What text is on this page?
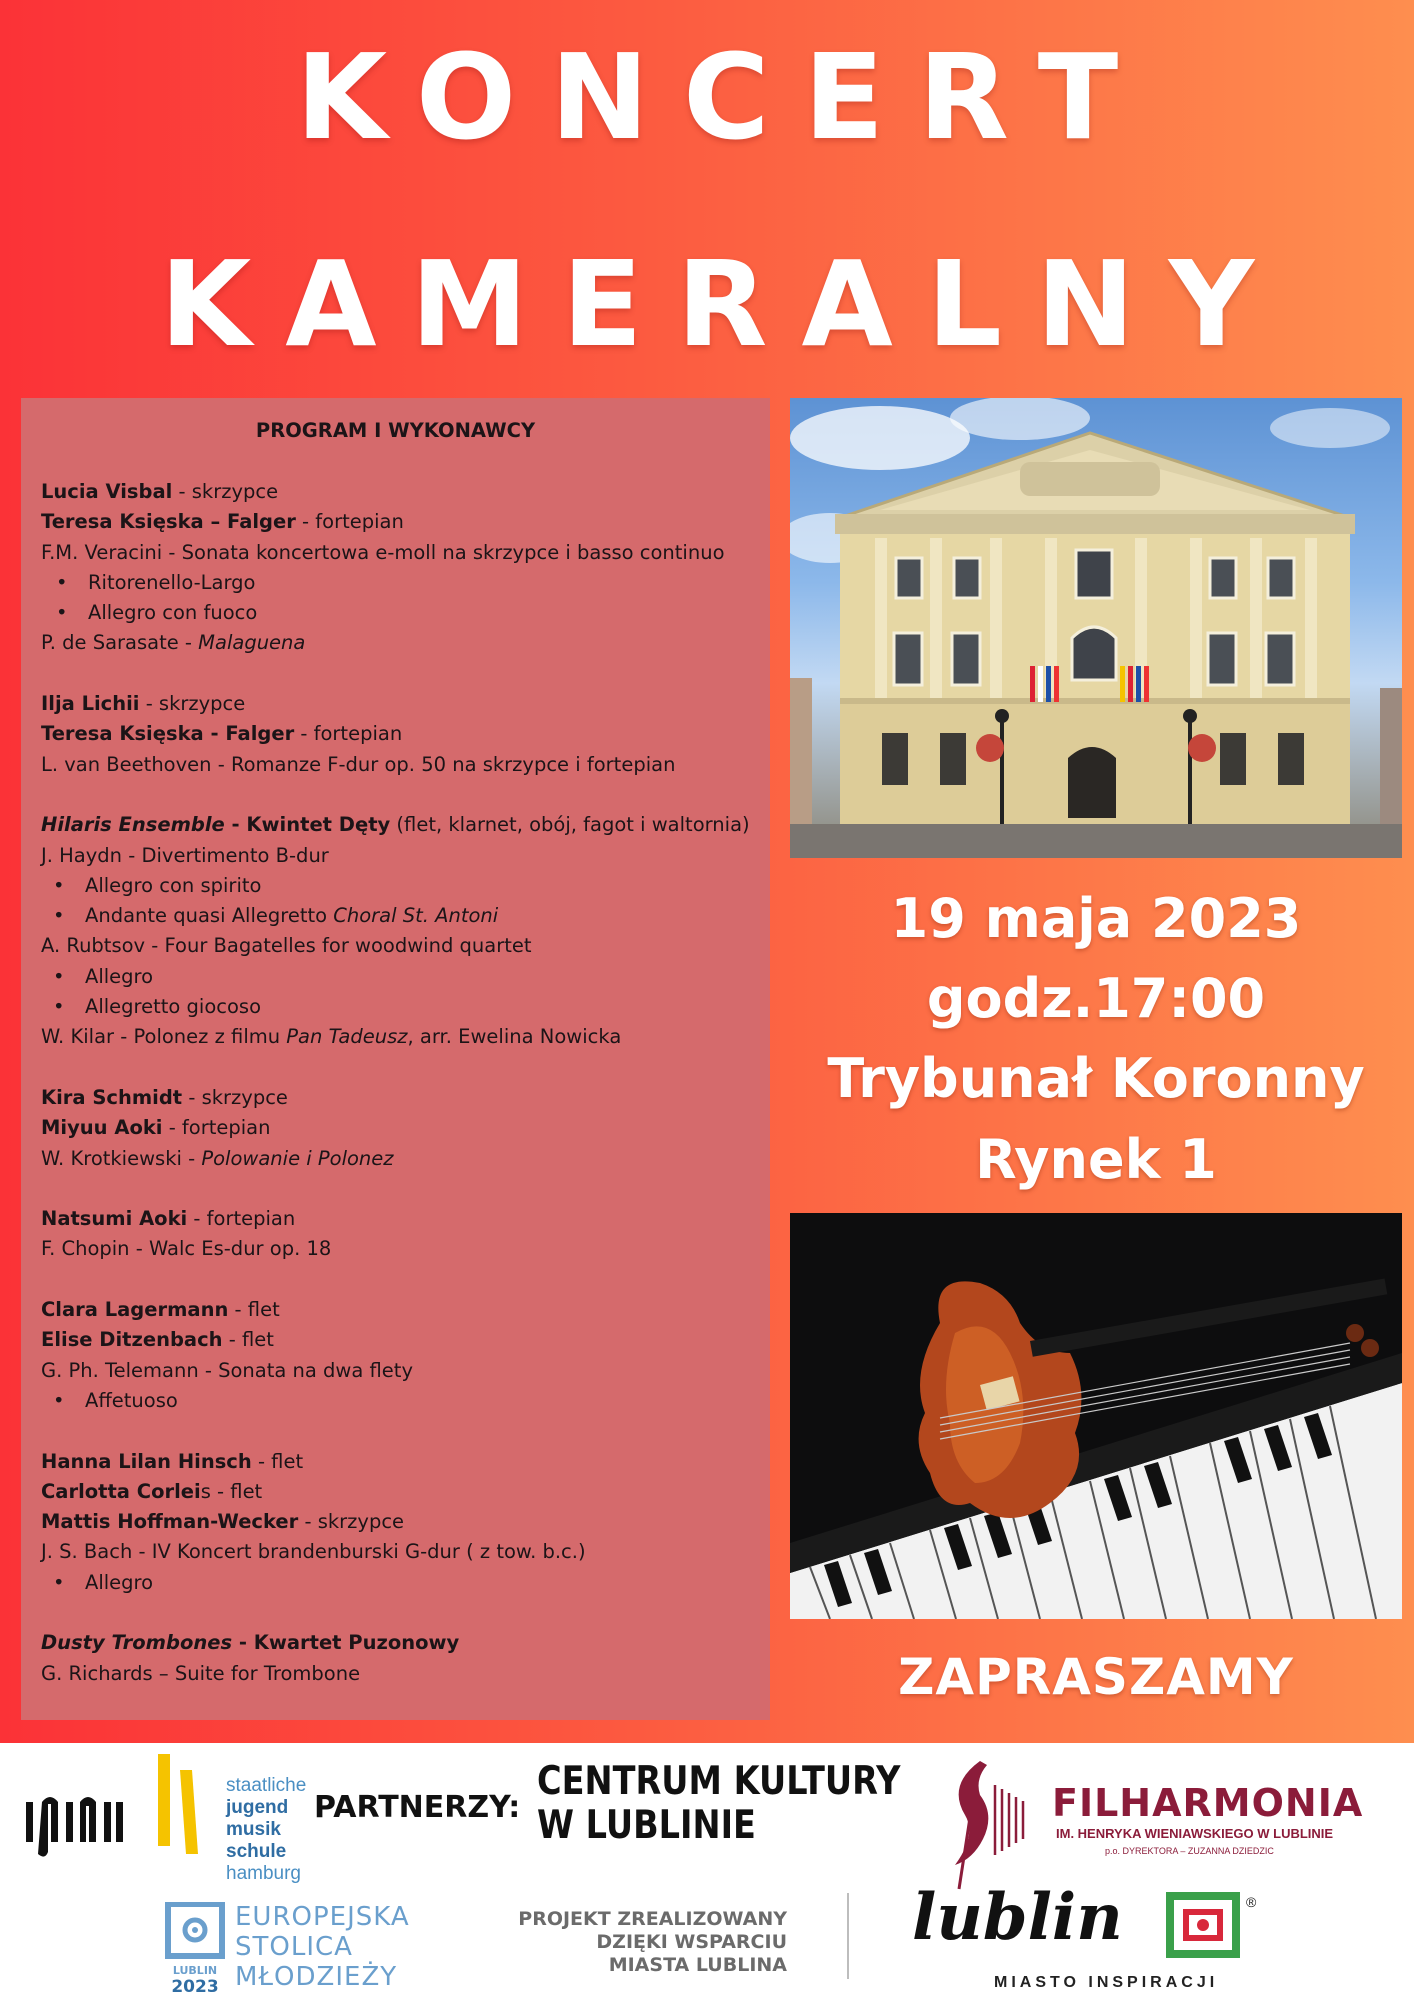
KONCERT
KAMERALNY
PROGRAM I WYKONAWCY
Lucia Visbal - skrzypce
Teresa Księska – Falger - fortepian
F.M. Veracini - Sonata koncertowa e-moll na skrzypce i basso continuo
• Ritorenello-Largo
• Allegro con fuoco
P. de Sarasate - Malaguena
Ilja Lichii - skrzypce
Teresa Księska - Falger - fortepian
L. van Beethoven - Romanze F-dur op. 50 na skrzypce i fortepian
Hilaris Ensemble - Kwintet Dęty (flet, klarnet, obój, fagot i waltornia)
J. Haydn - Divertimento B-dur
• Allegro con spirito
• Andante quasi Allegretto Choral St. Antoni
A. Rubtsov - Four Bagatelles for woodwind quartet
• Allegro
• Allegretto giocoso
W. Kilar - Polonez z filmu Pan Tadeusz, arr. Ewelina Nowicka
Kira Schmidt - skrzypce
Miyuu Aoki - fortepian
W. Krotkiewski - Polowanie i Polonez
Natsumi Aoki - fortepian
F. Chopin - Walc Es-dur op. 18
Clara Lagermann - flet
Elise Ditzenbach - flet
G. Ph. Telemann - Sonata na dwa flety
• Affetuoso
Hanna Lilan Hinsch - flet
Carlotta Corleis - flet
Mattis Hoffman-Wecker - skrzypce
J. S. Bach - IV Koncert brandenburski G-dur ( z tow. b.c.)
• Allegro
Dusty Trombones - Kwartet Puzonowy
G. Richards – Suite for Trombone
19 maja 2023
godz.17:00
Trybunał Koronny
Rynek 1
ZAPRASZAMY
staatliche
jugend
musik
schule
hamburg
PARTNERZY:
CENTRUM KULTURY
W LUBLINIE	FILHARMONIA
IM. HENRYKA WIENIAWSKIEGO W LUBLINIE
p.o. DYREKTORA – ZUZANNA DZIEDZIC
LUBLIN
2023
EUROPEJSKA
STOLICA
MŁODZIEŻY
PROJEKT ZREALIZOWANY
DZIĘKI WSPARCIU
MIASTA LUBLINA
lublin	®
MIASTO INSPIRACJI
